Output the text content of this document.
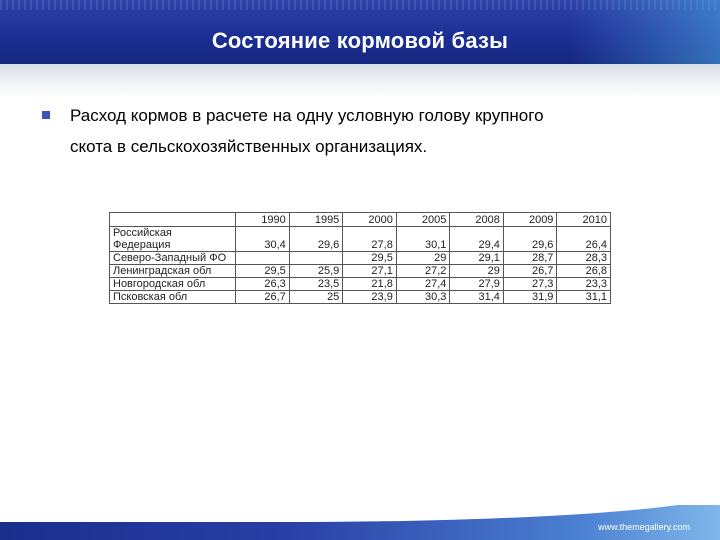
Состояние кормовой базы
Расход кормов в расчете на одну условную голову крупного
скота в сельскохозяйственных организациях.
	1990	1995	2000	2005	2008	2009	2010
Российская Федерация	30,4	29,6	27,8	30,1	29,4	29,6	26,4
Северо-Западный ФО			29,5	29	29,1	28,7	28,3
Ленинградская обл	29,5	25,9	27,1	27,2	29	26,7	26,8
Новгородская обл	26,3	23,5	21,8	27,4	27,9	27,3	23,3
Псковская обл	26,7	25	23,9	30,3	31,4	31,9	31,1
www.themegallery.com
